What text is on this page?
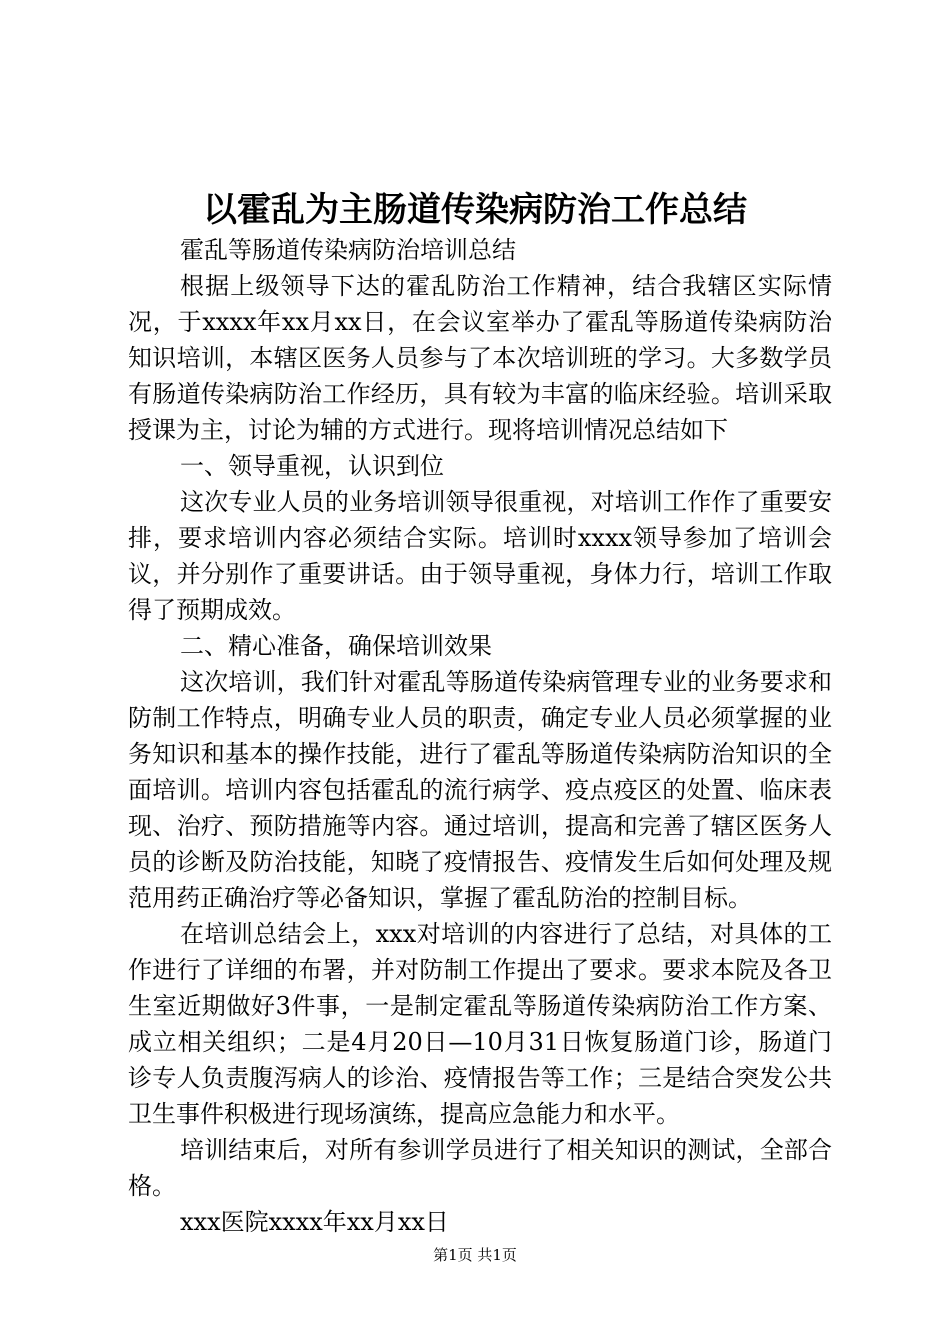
以霍乱为主肠道传染病防治工作总结

霍乱等肠道传染病防治培训总结

根据上级领导下达的霍乱防治工作精神，结合我辖区实际情况，于xxxx年xx月xx日，在会议室举办了霍乱等肠道传染病防治知识培训，本辖区医务人员参与了本次培训班的学习。大多数学员有肠道传染病防治工作经历，具有较为丰富的临床经验。培训采取授课为主，讨论为辅的方式进行。现将培训情况总结如下

一、领导重视，认识到位

这次专业人员的业务培训领导很重视，对培训工作作了重要安排，要求培训内容必须结合实际。培训时xxxx领导参加了培训会议，并分别作了重要讲话。由于领导重视，身体力行，培训工作取得了预期成效。

二、精心准备，确保培训效果

这次培训，我们针对霍乱等肠道传染病管理专业的业务要求和防制工作特点，明确专业人员的职责，确定专业人员必须掌握的业务知识和基本的操作技能，进行了霍乱等肠道传染病防治知识的全面培训。培训内容包括霍乱的流行病学、疫点疫区的处置、临床表现、治疗、预防措施等内容。通过培训，提高和完善了辖区医务人员的诊断及防治技能，知晓了疫情报告、疫情发生后如何处理及规范用药正确治疗等必备知识，掌握了霍乱防治的控制目标。

在培训总结会上，xxx对培训的内容进行了总结，对具体的工作进行了详细的布署，并对防制工作提出了要求。要求本院及各卫生室近期做好3件事，一是制定霍乱等肠道传染病防治工作方案、成立相关组织；二是4月20日—10月31日恢复肠道门诊，肠道门诊专人负责腹泻病人的诊治、疫情报告等工作；三是结合突发公共卫生事件积极进行现场演练，提高应急能力和水平。

培训结束后，对所有参训学员进行了相关知识的测试，全部合格。

xxx医院xxxx年xx月xx日

第1页 共1页
